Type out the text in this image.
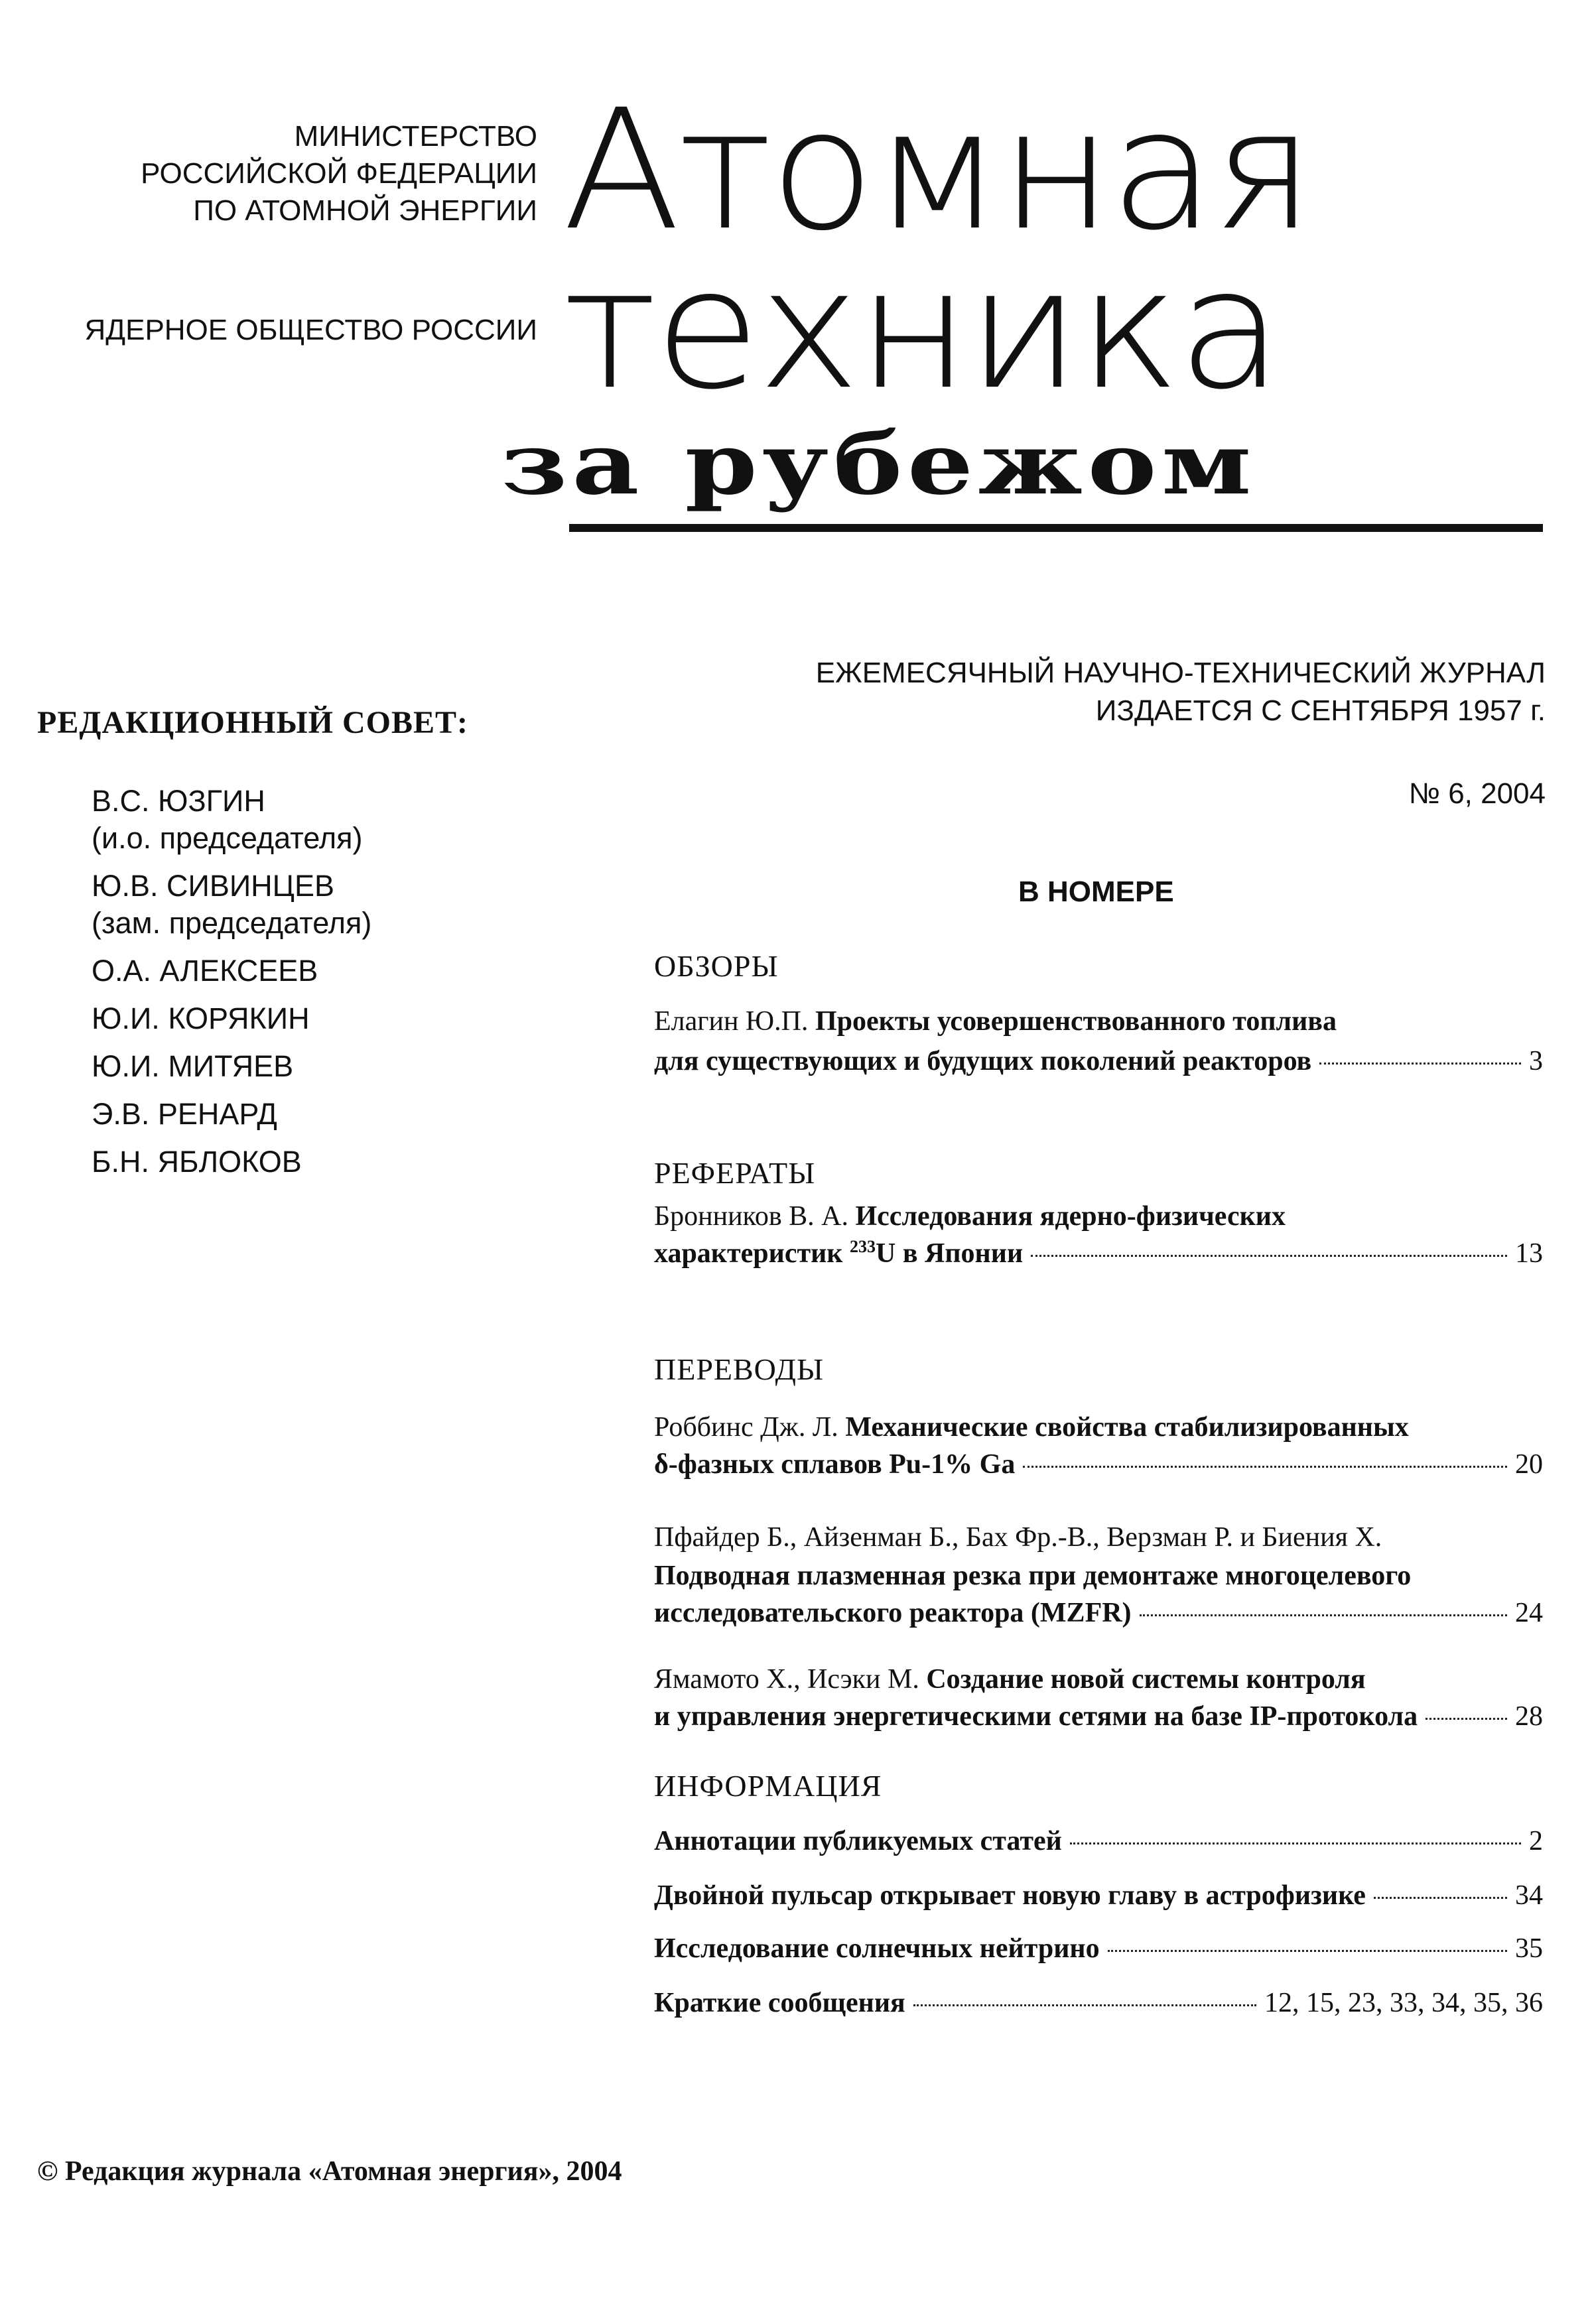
МИНИСТЕРСТВО
РОССИЙСКОЙ ФЕДЕРАЦИИ
ПО АТОМНОЙ ЭНЕРГИИ
ЯДЕРНОЕ ОБЩЕСТВО РОССИИ
Атомная
техника
за рубежом
ЕЖЕМЕСЯЧНЫЙ НАУЧНО-ТЕХНИЧЕСКИЙ ЖУРНАЛ
ИЗДАЕТСЯ С СЕНТЯБРЯ 1957 г.
№ 6, 2004
РЕДАКЦИОННЫЙ СОВЕТ:
В.С. ЮЗГИН
(и.о. председателя)
Ю.В. СИВИНЦЕВ
(зам. председателя)
О.А. АЛЕКСЕЕВ
Ю.И. КОРЯКИН
Ю.И. МИТЯЕВ
Э.В. РЕНАРД
Б.Н. ЯБЛОКОВ
В НОМЕРЕ
ОБЗОРЫ
Елагин Ю.П. Проекты усовершенствованного топлива
для существующих и будущих поколений реакторов	3
РЕФЕРАТЫ
Бронников В. А. Исследования ядерно-физических
характеристик $^{233}$U в Японии	13
ПЕРЕВОДЫ
Роббинс Дж. Л. Механические свойства стабилизированных
δ-фазных сплавов Pu-1% Ga	20
Пфайдер Б., Айзенман Б., Бах Фр.-В., Верзман Р. и Биения Х.
Подводная плазменная резка при демонтаже многоцелевого
исследовательского реактора (MZFR)	24
Ямамото Х., Исэки М. Создание новой системы контроля
и управления энергетическими сетями на базе IP-протокола	28
ИНФОРМАЦИЯ
Аннотации публикуемых статей	2
Двойной пульсар открывает новую главу в астрофизике	34
Исследование солнечных нейтрино	35
Краткие сообщения	12, 15, 23, 33, 34, 35, 36
© Редакция журнала «Атомная энергия», 2004
